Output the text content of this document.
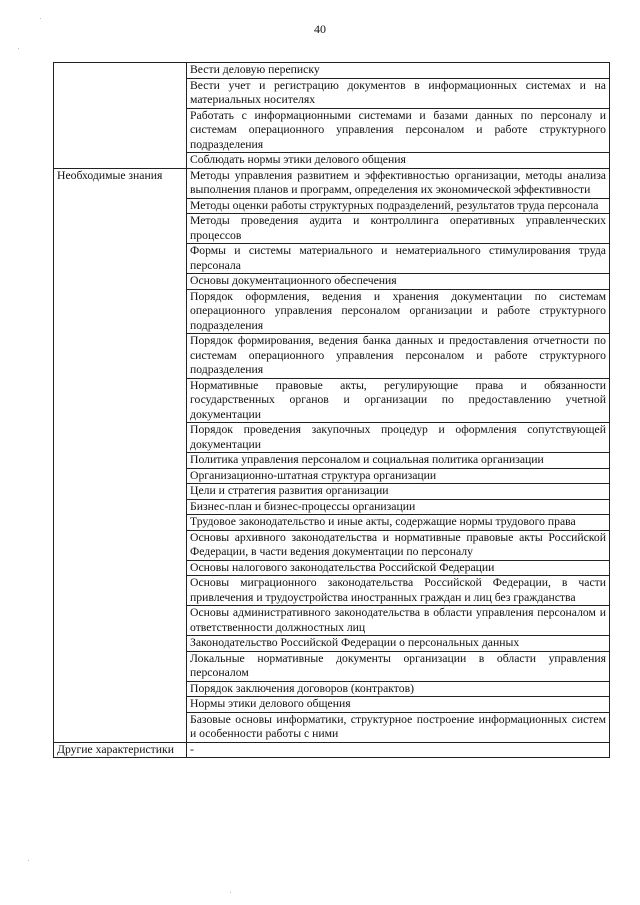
40
	Вести деловую переписку
	Вести учет и регистрацию документов в информационных системах и на материальных носителях
	Работать с информационными системами и базами данных по персоналу и системам операционного управления персоналом и работе структурного подразделения
	Соблюдать нормы этики делового общения
Необходимые знания	Методы управления развитием и эффективностью организации, методы анализа выполнения планов и программ, определения их экономической эффективности
	Методы оценки работы структурных подразделений, результатов труда персонала
	Методы проведения аудита и контроллинга оперативных управленческих процессов
	Формы и системы материального и нематериального стимулирования труда персонала
	Основы документационного обеспечения
	Порядок оформления, ведения и хранения документации по системам операционного управления персоналом организации и работе структурного подразделения
	Порядок формирования, ведения банка данных и предоставления отчетности по системам операционного управления персоналом и работе структурного подразделения
	Нормативные правовые акты, регулирующие права и обязанности государственных органов и организации по предоставлению учетной документации
	Порядок проведения закупочных процедур и оформления сопутствующей документации
	Политика управления персоналом и социальная политика организации
	Организационно-штатная структура организации
	Цели и стратегия развития организации
	Бизнес-план и бизнес-процессы организации
	Трудовое законодательство и иные акты, содержащие нормы трудового права
	Основы архивного законодательства и нормативные правовые акты Российской Федерации, в части ведения документации по персоналу
	Основы налогового законодательства Российской Федерации
	Основы миграционного законодательства Российской Федерации, в части привлечения и трудоустройства иностранных граждан и лиц без гражданства
	Основы административного законодательства в области управления персоналом и ответственности должностных лиц
	Законодательство Российской Федерации о персональных данных
	Локальные нормативные документы организации в области управления персоналом
	Порядок заключения договоров (контрактов)
	Нормы этики делового общения
	Базовые основы информатики, структурное построение информационных систем и особенности работы с ними
Другие характеристики	-
